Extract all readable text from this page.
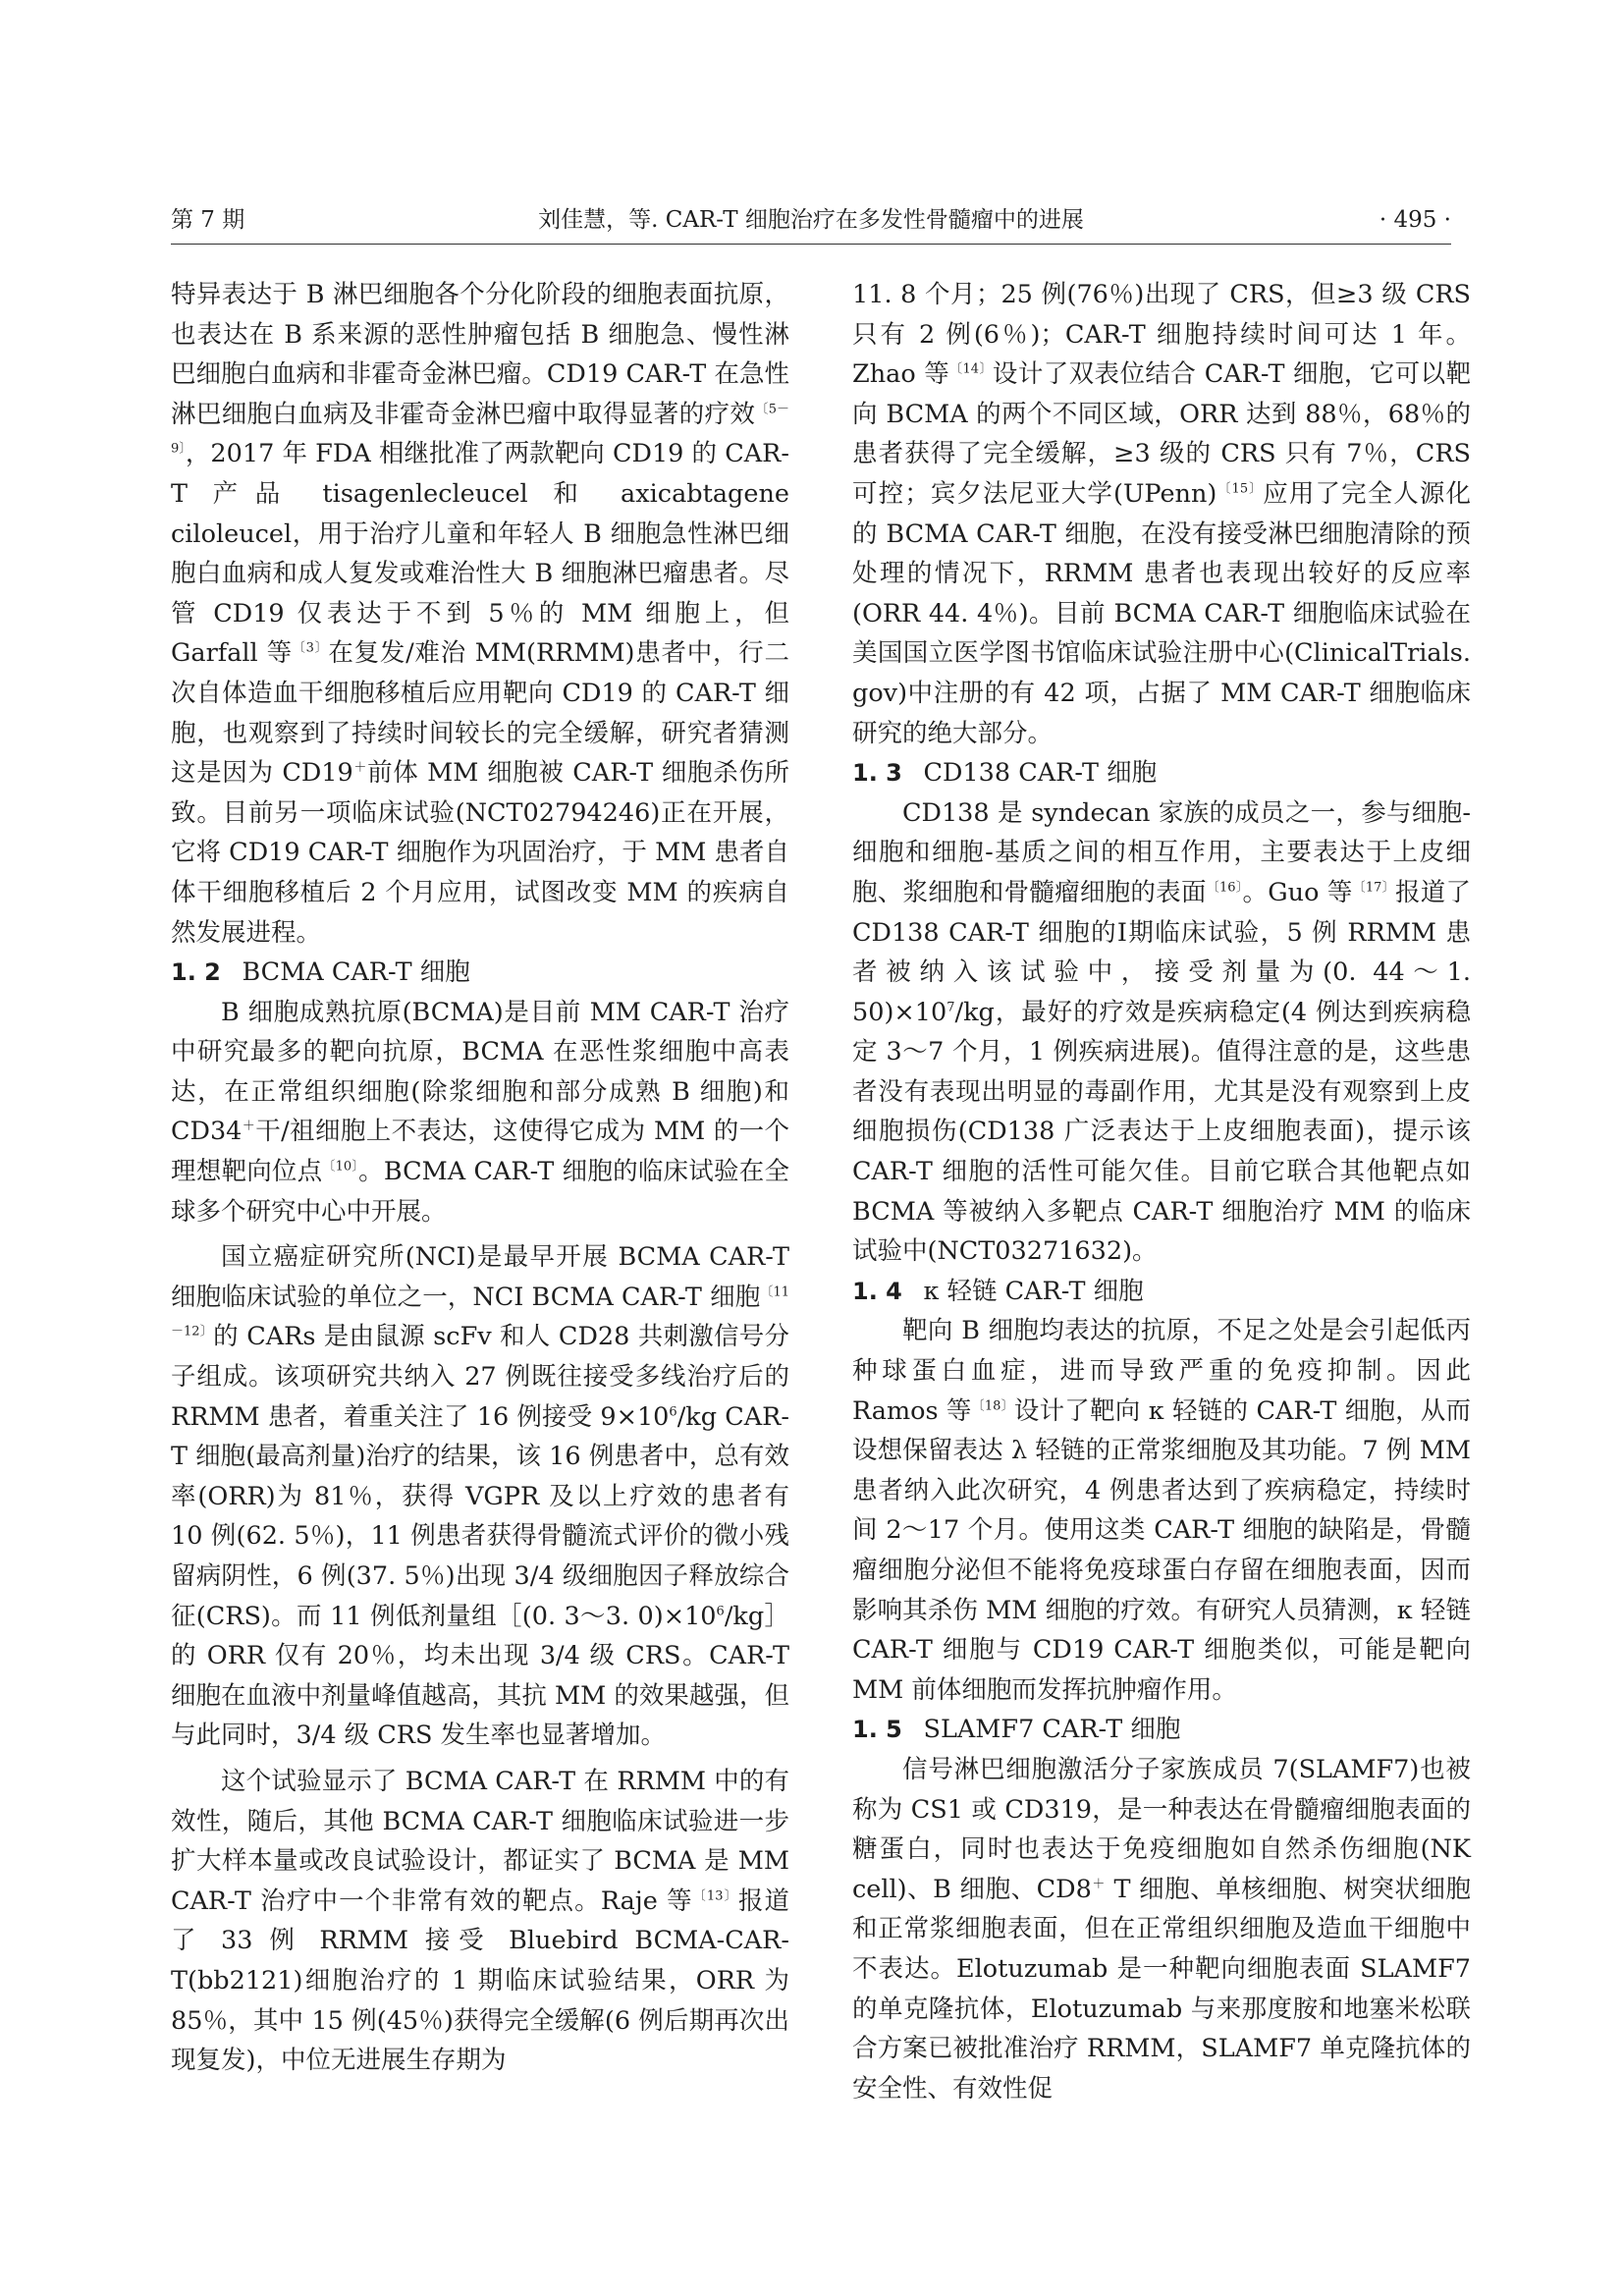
第 7 期	刘佳慧，等. CAR-T 细胞治疗在多发性骨髓瘤中的进展	· 495 ·

特异表达于 B 淋巴细胞各个分化阶段的细胞表面抗原，也表达在 B 系来源的恶性肿瘤包括 B 细胞急、慢性淋巴细胞白血病和非霍奇金淋巴瘤。CD19 CAR-T 在急性淋巴细胞白血病及非霍奇金淋巴瘤中取得显著的疗效$^{〔5-9〕}$，2017 年 FDA 相继批准了两款靶向 CD19 的 CAR-T 产品 tisagenlecleucel 和 axicabtagene ciloleucel，用于治疗儿童和年轻人 B 细胞急性淋巴细胞白血病和成人复发或难治性大 B 细胞淋巴瘤患者。尽管 CD19 仅表达于不到 5％的 MM 细胞上，但 Garfall 等$^{〔3〕}$在复发/难治 MM(RRMM)患者中，行二次自体造血干细胞移植后应用靶向 CD19 的 CAR-T 细胞，也观察到了持续时间较长的完全缓解，研究者猜测这是因为 CD19＋前体 MM 细胞被 CAR-T 细胞杀伤所致。目前另一项临床试验(NCT02794246)正在开展，它将 CD19 CAR-T 细胞作为巩固治疗，于 MM 患者自体干细胞移植后 2 个月应用，试图改变 MM 的疾病自然发展进程。

1. 2 BCMA CAR-T 细胞

B 细胞成熟抗原(BCMA)是目前 MM CAR-T 治疗中研究最多的靶向抗原，BCMA 在恶性浆细胞中高表达，在正常组织细胞(除浆细胞和部分成熟 B 细胞)和 CD34＋干/祖细胞上不表达，这使得它成为 MM 的一个理想靶向位点$^{〔10〕}$。BCMA CAR-T 细胞的临床试验在全球多个研究中心中开展。

国立癌症研究所(NCI)是最早开展 BCMA CAR-T 细胞临床试验的单位之一，NCI BCMA CAR-T 细胞$^{〔11-12〕}$的 CARs 是由鼠源 scFv 和人 CD28 共刺激信号分子组成。该项研究共纳入 27 例既往接受多线治疗后的 RRMM 患者，着重关注了 16 例接受 $9\times 10^6/kg$ CAR-T 细胞(最高剂量)治疗的结果，该 16 例患者中，总有效率(ORR)为 81％，获得 VGPR 及以上疗效的患者有 10 例(62. 5％)，11 例患者获得骨髓流式评价的微小残留病阴性，6 例(37. 5％)出现 3/4 级细胞因子释放综合征(CRS)。而 11 例低剂量组［(0. 3～3. $0)\times 10^6/kg]$的 ORR 仅有 20％，均未出现 3/4 级 CRS。CAR-T 细胞在血液中剂量峰值越高，其抗 MM 的效果越强，但与此同时，3/4 级 CRS 发生率也显著增加。

这个试验显示了 BCMA CAR-T 在 RRMM 中的有效性，随后，其他 BCMA CAR-T 细胞临床试验进一步扩大样本量或改良试验设计，都证实了 BCMA 是 MM CAR-T 治疗中一个非常有效的靶点。Raje 等$^{〔13〕}$报道了 33 例 RRMM 接受 Bluebird BCMA-CAR-T(bb2121)细胞治疗的 1 期临床试验结果，ORR 为 85％，其中 15 例(45％)获得完全缓解(6 例后期再次出现复发)，中位无进展生存期为

11. 8 个月；25 例(76％)出现了 CRS，但≥3 级 CRS 只有 2 例(6％)；CAR-T 细胞持续时间可达 1 年。Zhao 等$^{〔14〕}$设计了双表位结合 CAR-T 细胞，它可以靶向 BCMA 的两个不同区域，ORR 达到 88％，68％的患者获得了完全缓解，≥3 级的 CRS 只有 7％，CRS 可控；宾夕法尼亚大学(UPenn)$^{〔15〕}$应用了完全人源化的 BCMA CAR-T 细胞，在没有接受淋巴细胞清除的预处理的情况下，RRMM 患者也表现出较好的反应率(ORR 44. 4％)。目前 BCMA CAR-T 细胞临床试验在美国国立医学图书馆临床试验注册中心(ClinicalTrials. gov)中注册的有 42 项，占据了 MM CAR-T 细胞临床研究的绝大部分。

1. 3 CD138 CAR-T 细胞

CD138 是 syndecan 家族的成员之一，参与细胞-细胞和细胞-基质之间的相互作用，主要表达于上皮细胞、浆细胞和骨髓瘤细胞的表面$^{〔16〕}$。Guo 等$^{〔17〕}$报道了 CD138 CAR-T 细胞的Ⅰ期临床试验，5 例 RRMM 患者被纳入该试验中，接受剂量为(0. 44～1. $50)\times 10^7/kg$，最好的疗效是疾病稳定(4 例达到疾病稳定 3～7 个月，1 例疾病进展)。值得注意的是，这些患者没有表现出明显的毒副作用，尤其是没有观察到上皮细胞损伤(CD138 广泛表达于上皮细胞表面)，提示该 CAR-T 细胞的活性可能欠佳。目前它联合其他靶点如 BCMA 等被纳入多靶点 CAR-T 细胞治疗 MM 的临床试验中(NCT03271632)。

1. 4 κ 轻链 CAR-T 细胞

靶向 B 细胞均表达的抗原，不足之处是会引起低丙种球蛋白血症，进而导致严重的免疫抑制。因此 Ramos 等$^{〔18〕}$设计了靶向 κ 轻链的 CAR-T 细胞，从而设想保留表达 λ 轻链的正常浆细胞及其功能。7 例 MM 患者纳入此次研究，4 例患者达到了疾病稳定，持续时间 2～17 个月。使用这类 CAR-T 细胞的缺陷是，骨髓瘤细胞分泌但不能将免疫球蛋白存留在细胞表面，因而影响其杀伤 MM 细胞的疗效。有研究人员猜测，κ 轻链 CAR-T 细胞与 CD19 CAR-T 细胞类似，可能是靶向 MM 前体细胞而发挥抗肿瘤作用。

1. 5 SLAMF7 CAR-T 细胞

信号淋巴细胞激活分子家族成员 7(SLAMF7)也被称为 CS1 或 CD319，是一种表达在骨髓瘤细胞表面的糖蛋白，同时也表达于免疫细胞如自然杀伤细胞(NK cell)、B 细胞、CD8＋ T 细胞、单核细胞、树突状细胞和正常浆细胞表面，但在正常组织细胞及造血干细胞中不表达。Elotuzumab 是一种靶向细胞表面 SLAMF7 的单克隆抗体，Elotuzumab 与来那度胺和地塞米松联合方案已被批准治疗 RRMM，SLAMF7 单克隆抗体的安全性、有效性促
